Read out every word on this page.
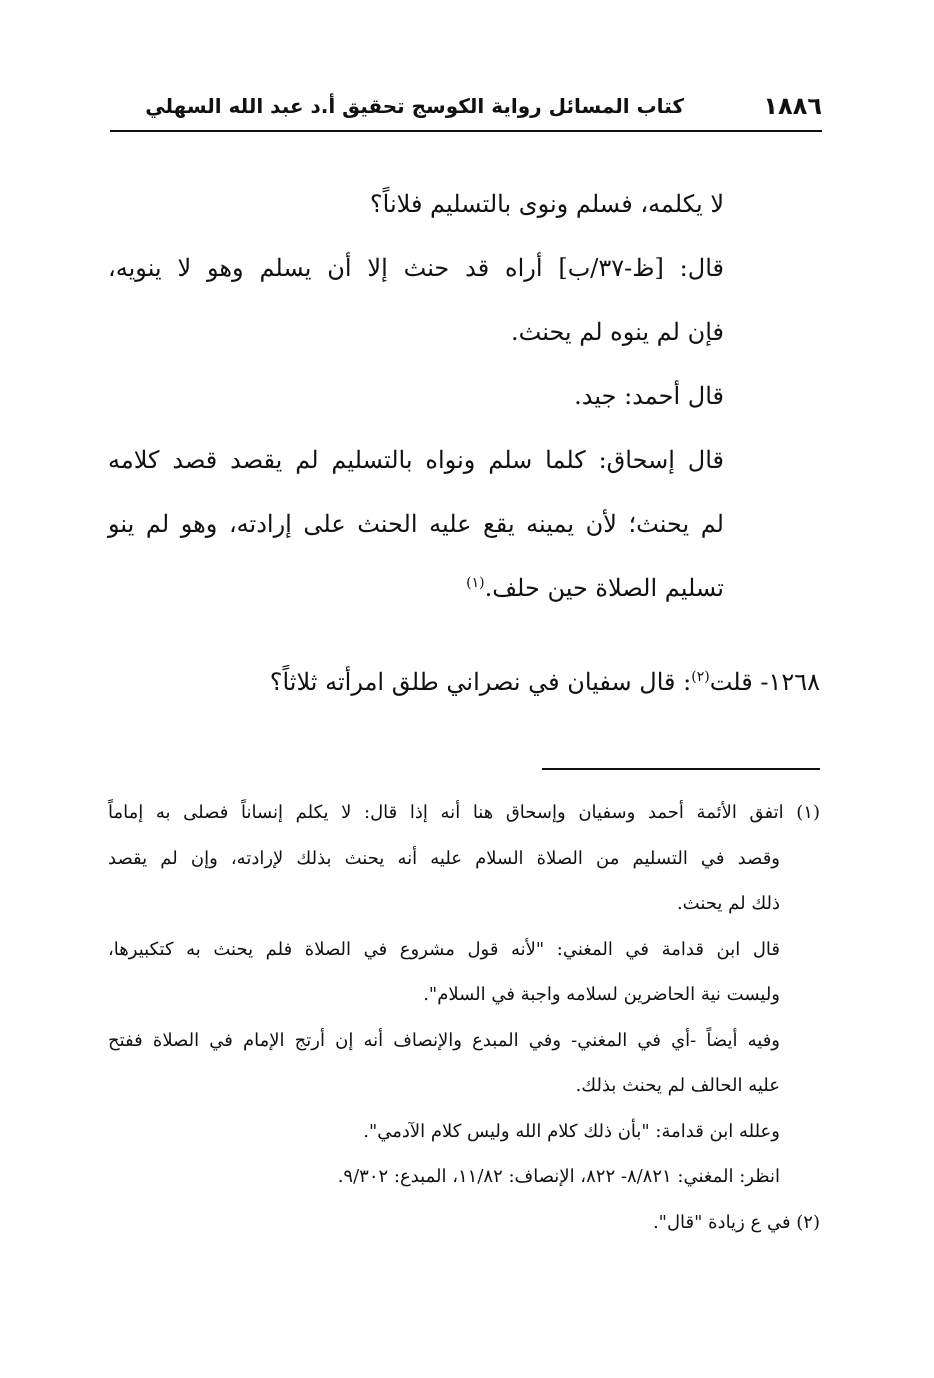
١٨٨٦
كتاب المسائل رواية الكوسج تحقيق أ.د عبد الله السهلي
لا يكلمه، فسلم ونوى بالتسليم فلاناً؟
قال: [ظ-٣٧/ب] أراه قد حنث إلا أن يسلم وهو لا ينويه،
فإن لم ينوه لم يحنث.
قال أحمد: جيد.
قال إسحاق: كلما سلم ونواه بالتسليم لم يقصد قصد كلامه
لم يحنث؛ لأن يمينه يقع عليه الحنث على إرادته، وهو لم ينو
تسليم الصلاة حين حلف.$^{(١)}$
١٢٦٨- قلت$^{(٢)}$: قال سفيان في نصراني طلق امرأته ثلاثاً؟
(١) اتفق الأئمة أحمد وسفيان وإسحاق هنا أنه إذا قال: لا يكلم إنساناً فصلى به إماماً
وقصد في التسليم من الصلاة السلام عليه أنه يحنث بذلك لإرادته، وإن لم يقصد
ذلك لم يحنث.
قال ابن قدامة في المغني: "لأنه قول مشروع في الصلاة فلم يحنث به كتكبيرها،
وليست نية الحاضرين لسلامه واجبة في السلام".
وفيه أيضاً -أي في المغني- وفي المبدع والإنصاف أنه إن أرتج الإمام في الصلاة ففتح
عليه الحالف لم يحنث بذلك.
وعلله ابن قدامة: "بأن ذلك كلام الله وليس كلام الآدمي".
انظر: المغني: ٨/٨٢١- ٨٢٢، الإنصاف: ١١/٨٢، المبدع: ٩/٣٠٢.
(٢) في ع زيادة "قال".
